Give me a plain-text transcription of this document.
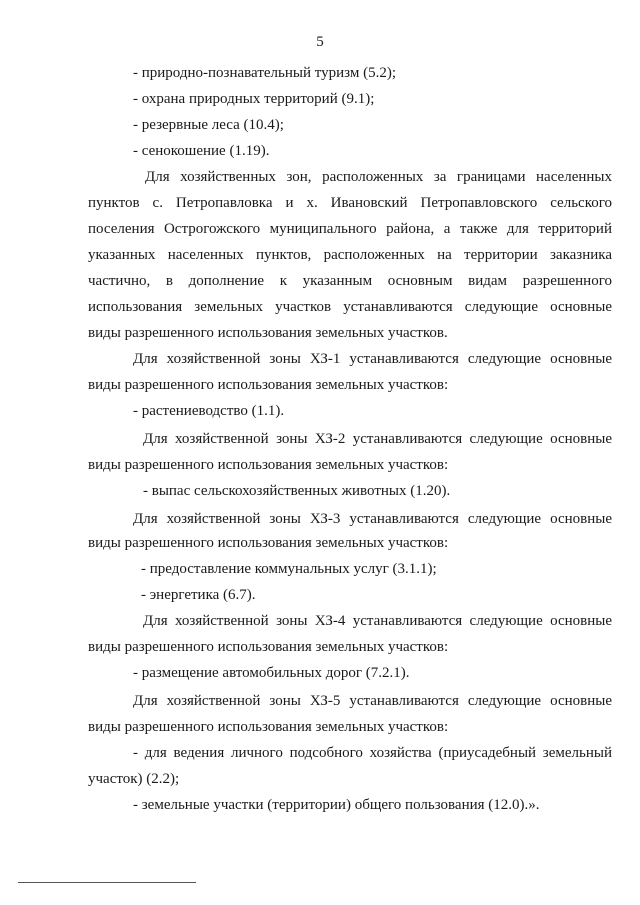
5
- природно-познавательный туризм (5.2);
- охрана природных территорий (9.1);
- резервные леса (10.4);
- сенокошение (1.19).
Для хозяйственных зон, расположенных за границами населенных
пунктов с. Петропавловка и х. Ивановский Петропавловского сельского
поселения Острогожского муниципального района, а также для территорий
указанных населенных пунктов, расположенных на территории заказника
частично, в дополнение к указанным основным видам разрешенного
использования земельных участков устанавливаются следующие основные
виды разрешенного использования земельных участков.
Для хозяйственной зоны ХЗ-1 устанавливаются следующие основные
виды разрешенного использования земельных участков:
- растениеводство (1.1).
Для хозяйственной зоны ХЗ-2 устанавливаются следующие основные
виды разрешенного использования земельных участков:
- выпас сельскохозяйственных животных (1.20).
Для хозяйственной зоны ХЗ-3 устанавливаются следующие основные
виды разрешенного использования земельных участков:
- предоставление коммунальных услуг (3.1.1);
- энергетика (6.7).
Для хозяйственной зоны ХЗ-4 устанавливаются следующие основные
виды разрешенного использования земельных участков:
- размещение автомобильных дорог (7.2.1).
Для хозяйственной зоны ХЗ-5 устанавливаются следующие основные
виды разрешенного использования земельных участков:
- для ведения личного подсобного хозяйства (приусадебный земельный
участок) (2.2);
- земельные участки (территории) общего пользования (12.0).».
